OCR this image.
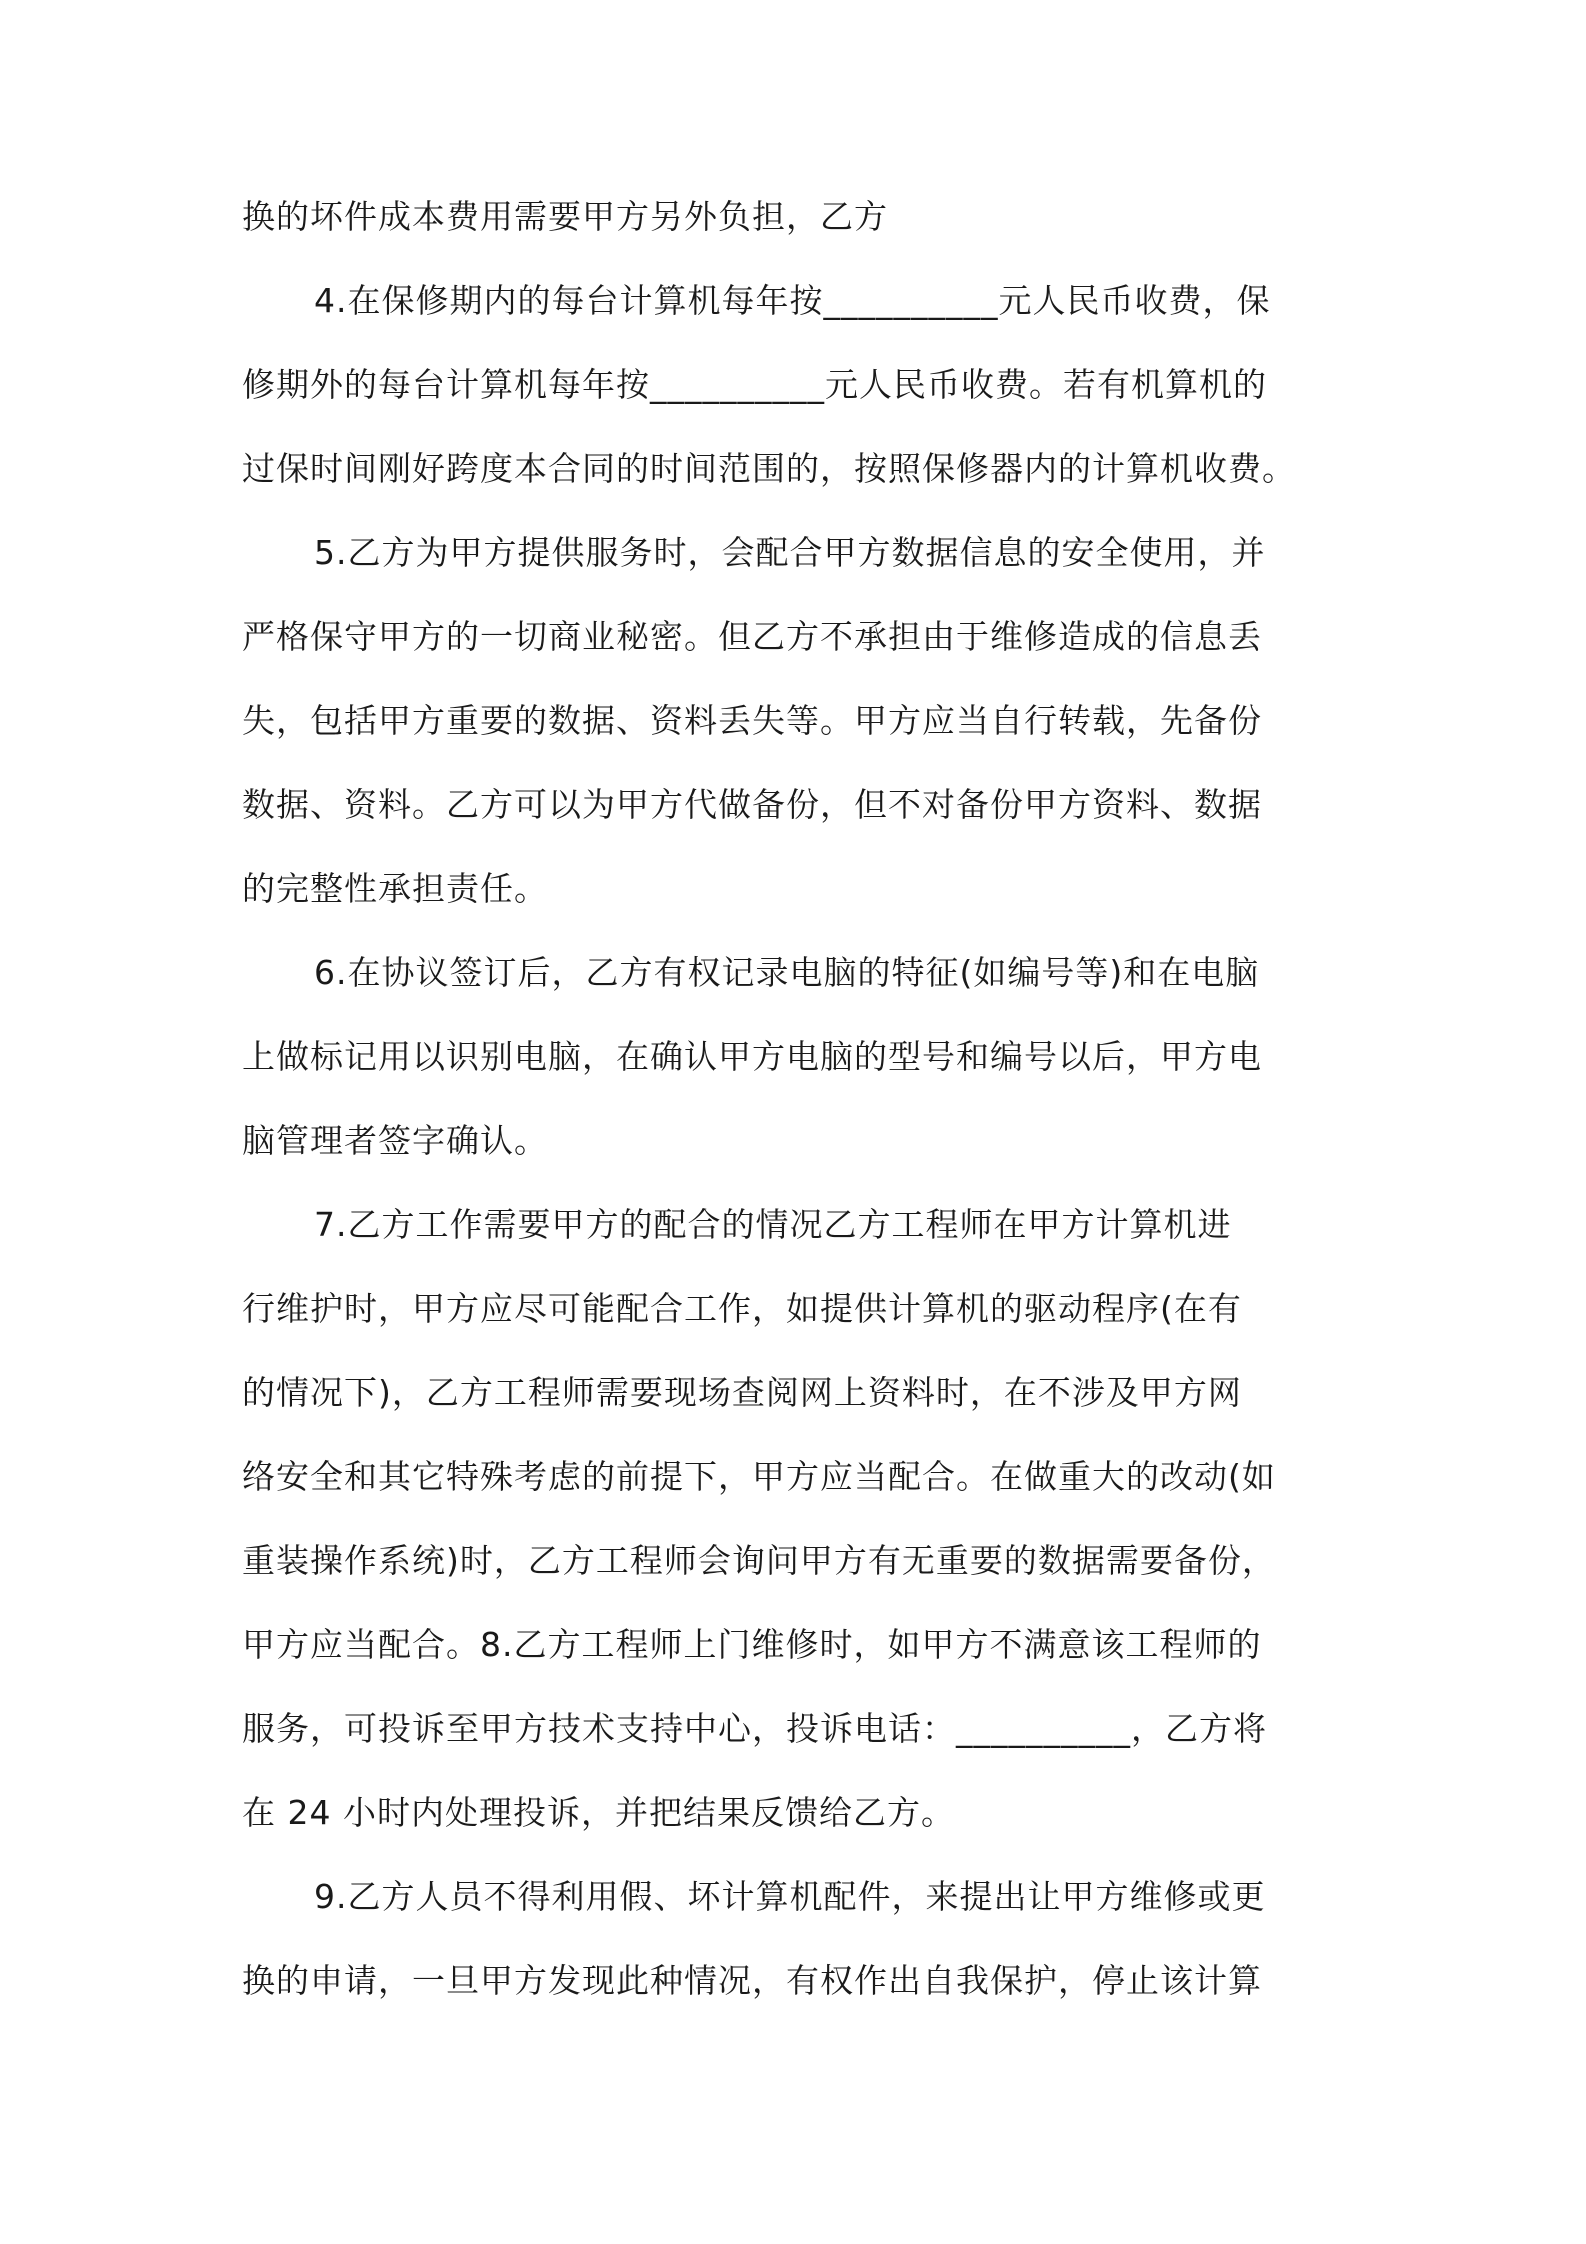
换的坏件成本费用需要甲方另外负担，乙方
4.在保修期内的每台计算机每年按__________元人民币收费，保
修期外的每台计算机每年按__________元人民币收费。若有机算机的
过保时间刚好跨度本合同的时间范围的，按照保修器内的计算机收费。
5.乙方为甲方提供服务时，会配合甲方数据信息的安全使用，并
严格保守甲方的一切商业秘密。但乙方不承担由于维修造成的信息丢
失，包括甲方重要的数据、资料丢失等。甲方应当自行转载，先备份
数据、资料。乙方可以为甲方代做备份，但不对备份甲方资料、数据
的完整性承担责任。
6.在协议签订后，乙方有权记录电脑的特征(如编号等)和在电脑
上做标记用以识别电脑，在确认甲方电脑的型号和编号以后，甲方电
脑管理者签字确认。
7.乙方工作需要甲方的配合的情况乙方工程师在甲方计算机进
行维护时，甲方应尽可能配合工作，如提供计算机的驱动程序(在有
的情况下)，乙方工程师需要现场查阅网上资料时，在不涉及甲方网
络安全和其它特殊考虑的前提下，甲方应当配合。在做重大的改动(如
重装操作系统)时，乙方工程师会询问甲方有无重要的数据需要备份，
甲方应当配合。8.乙方工程师上门维修时，如甲方不满意该工程师的
服务，可投诉至甲方技术支持中心，投诉电话：__________，乙方将
在 24 小时内处理投诉，并把结果反馈给乙方。
9.乙方人员不得利用假、坏计算机配件，来提出让甲方维修或更
换的申请，一旦甲方发现此种情况，有权作出自我保护，停止该计算
